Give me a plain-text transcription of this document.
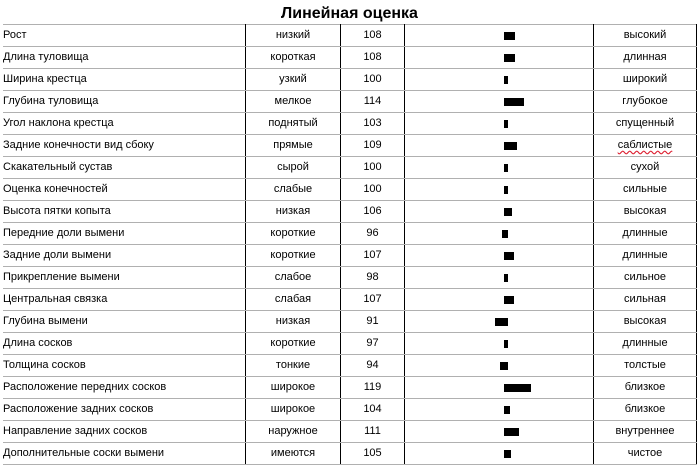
Линейная оценка
Рост	низкий	108		высокий
Длина туловища	короткая	108		длинная
Ширина крестца	узкий	100		широкий
Глубина туловища	мелкое	114		глубокое
Угол наклона крестца	поднятый	103		спущенный
Задние конечности вид сбоку	прямые	109		саблистые
Скакательный сустав	сырой	100		сухой
Оценка конечностей	слабые	100		сильные
Высота пятки копыта	низкая	106		высокая
Передние доли вымени	короткие	96		длинные
Задние доли вымени	короткие	107		длинные
Прикрепление вымени	слабое	98		сильное
Центральная связка	слабая	107		сильная
Глубина вымени	низкая	91		высокая
Длина сосков	короткие	97		длинные
Толщина сосков	тонкие	94		толстые
Расположение передних сосков	широкое	119		близкое
Расположение задних сосков	широкое	104		близкое
Направление задних сосков	наружное	111		внутреннее
Дополнительные соски вымени	имеются	105		чистое
